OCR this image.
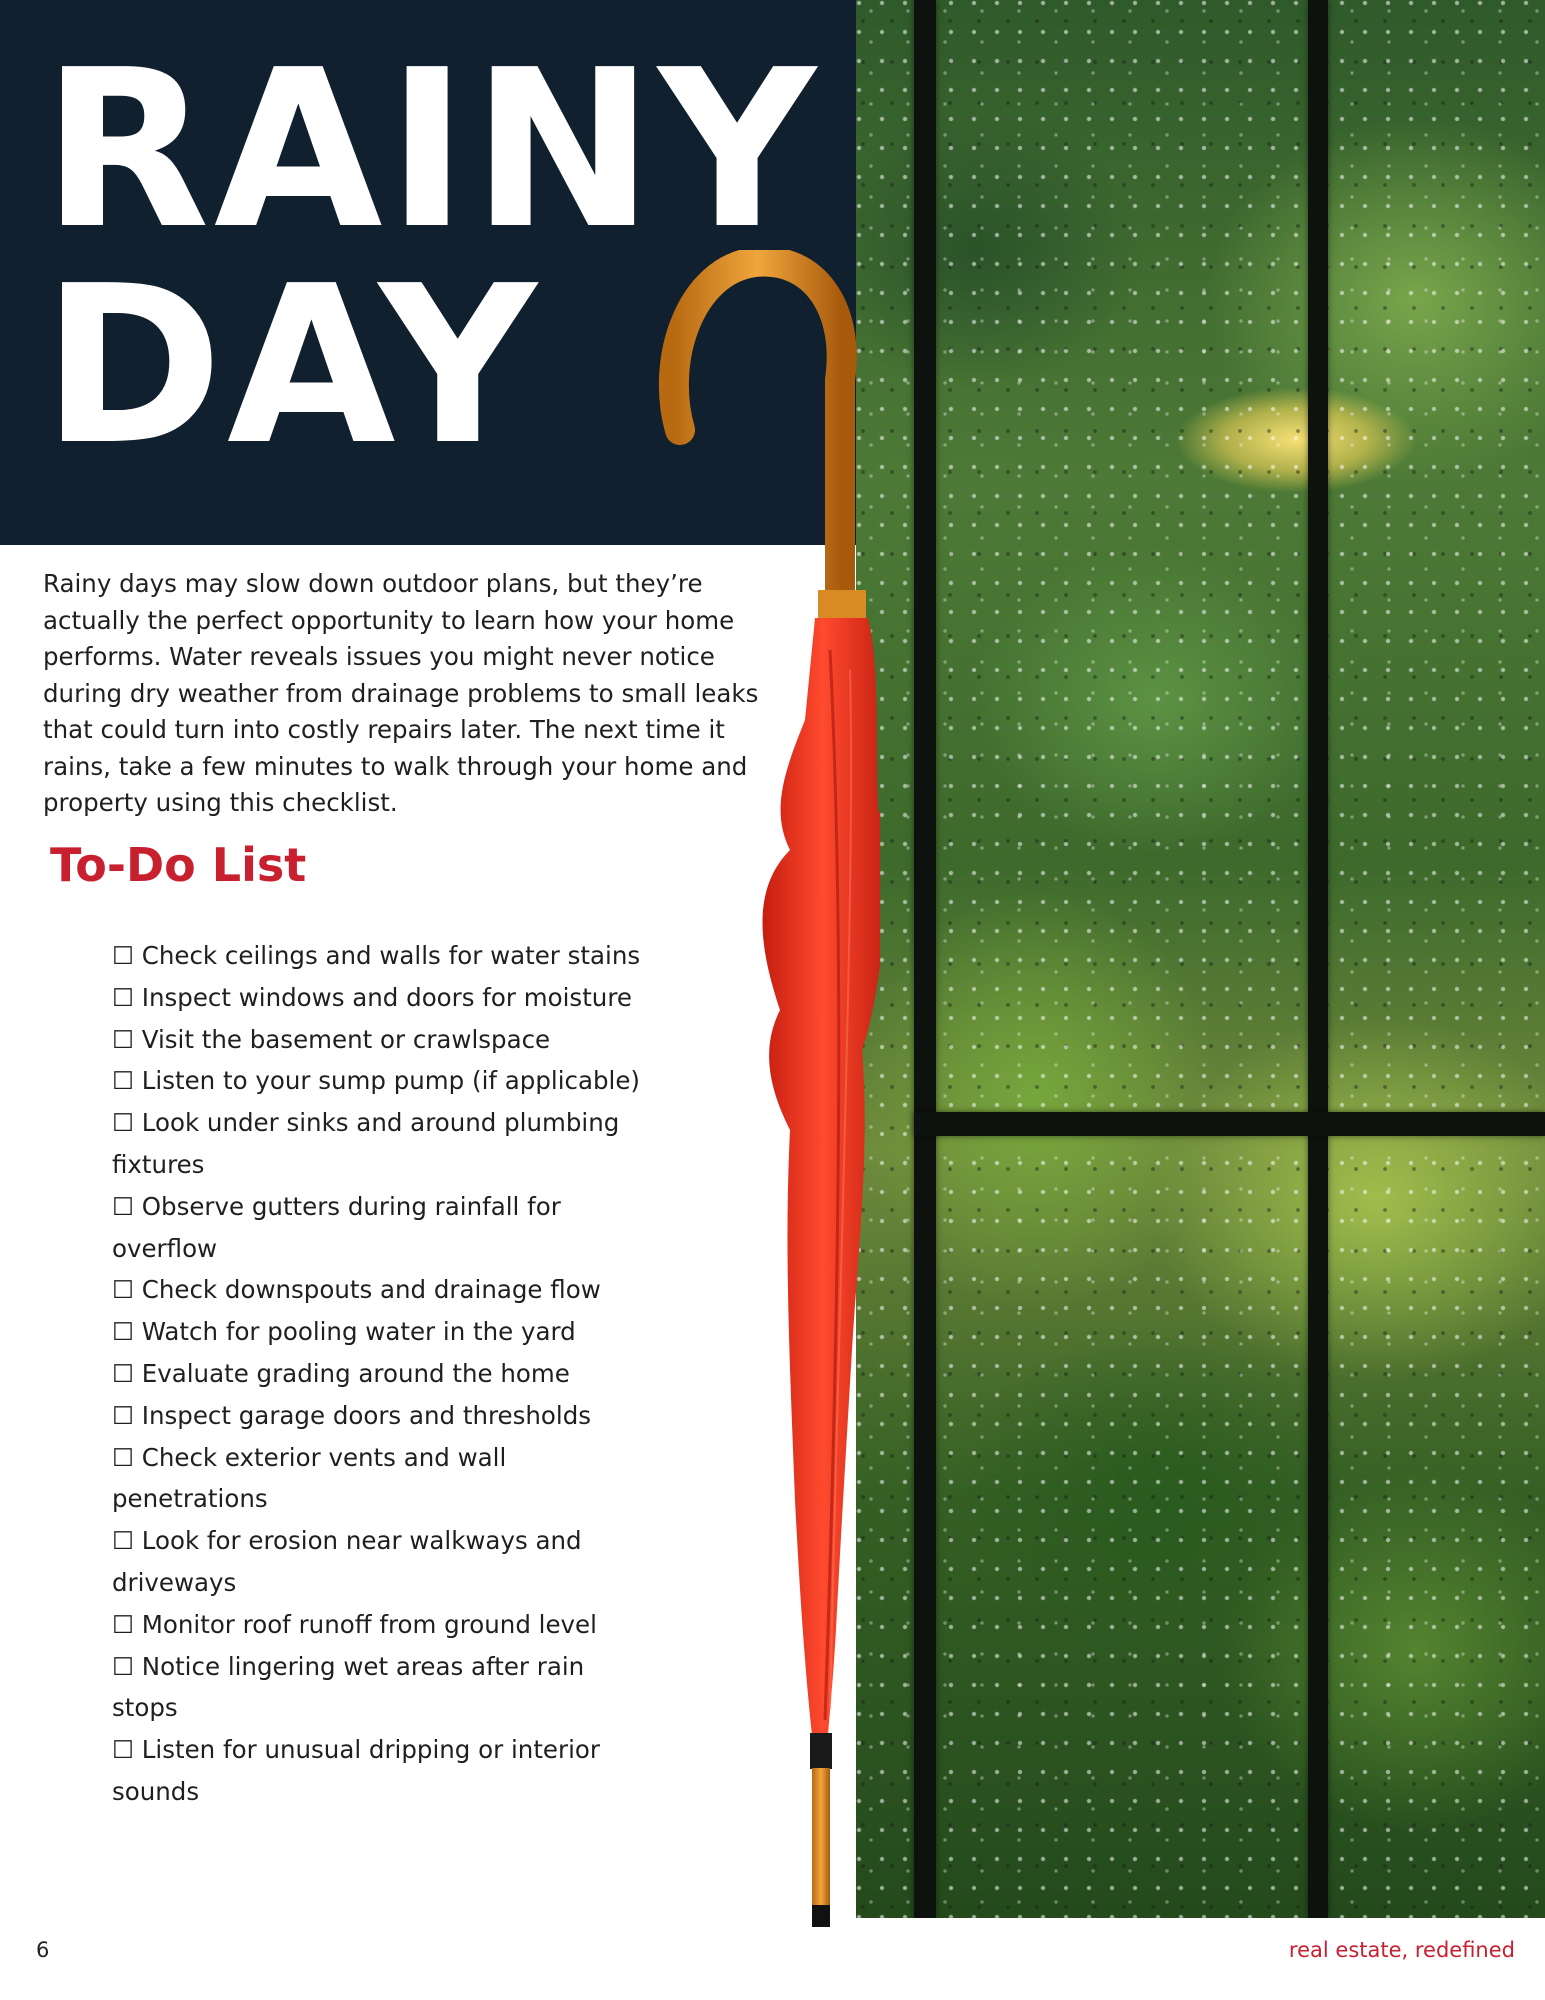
RAINY
DAY

Rainy days may slow down outdoor plans, but they’re actually the perfect opportunity to learn how your home performs. Water reveals issues you might never notice during dry weather from drainage problems to small leaks that could turn into costly repairs later. The next time it rains, take a few minutes to walk through your home and property using this checklist.

To-Do List
☐ Check ceilings and walls for water stains
☐ Inspect windows and doors for moisture
☐ Visit the basement or crawlspace
☐ Listen to your sump pump (if applicable)
☐ Look under sinks and around plumbing fixtures
☐ Observe gutters during rainfall for overflow
☐ Check downspouts and drainage flow
☐ Watch for pooling water in the yard
☐ Evaluate grading around the home
☐ Inspect garage doors and thresholds
☐ Check exterior vents and wall penetrations
☐ Look for erosion near walkways and driveways
☐ Monitor roof runoff from ground level
☐ Notice lingering wet areas after rain stops
☐ Listen for unusual dripping or interior sounds
6	real estate, redefined
